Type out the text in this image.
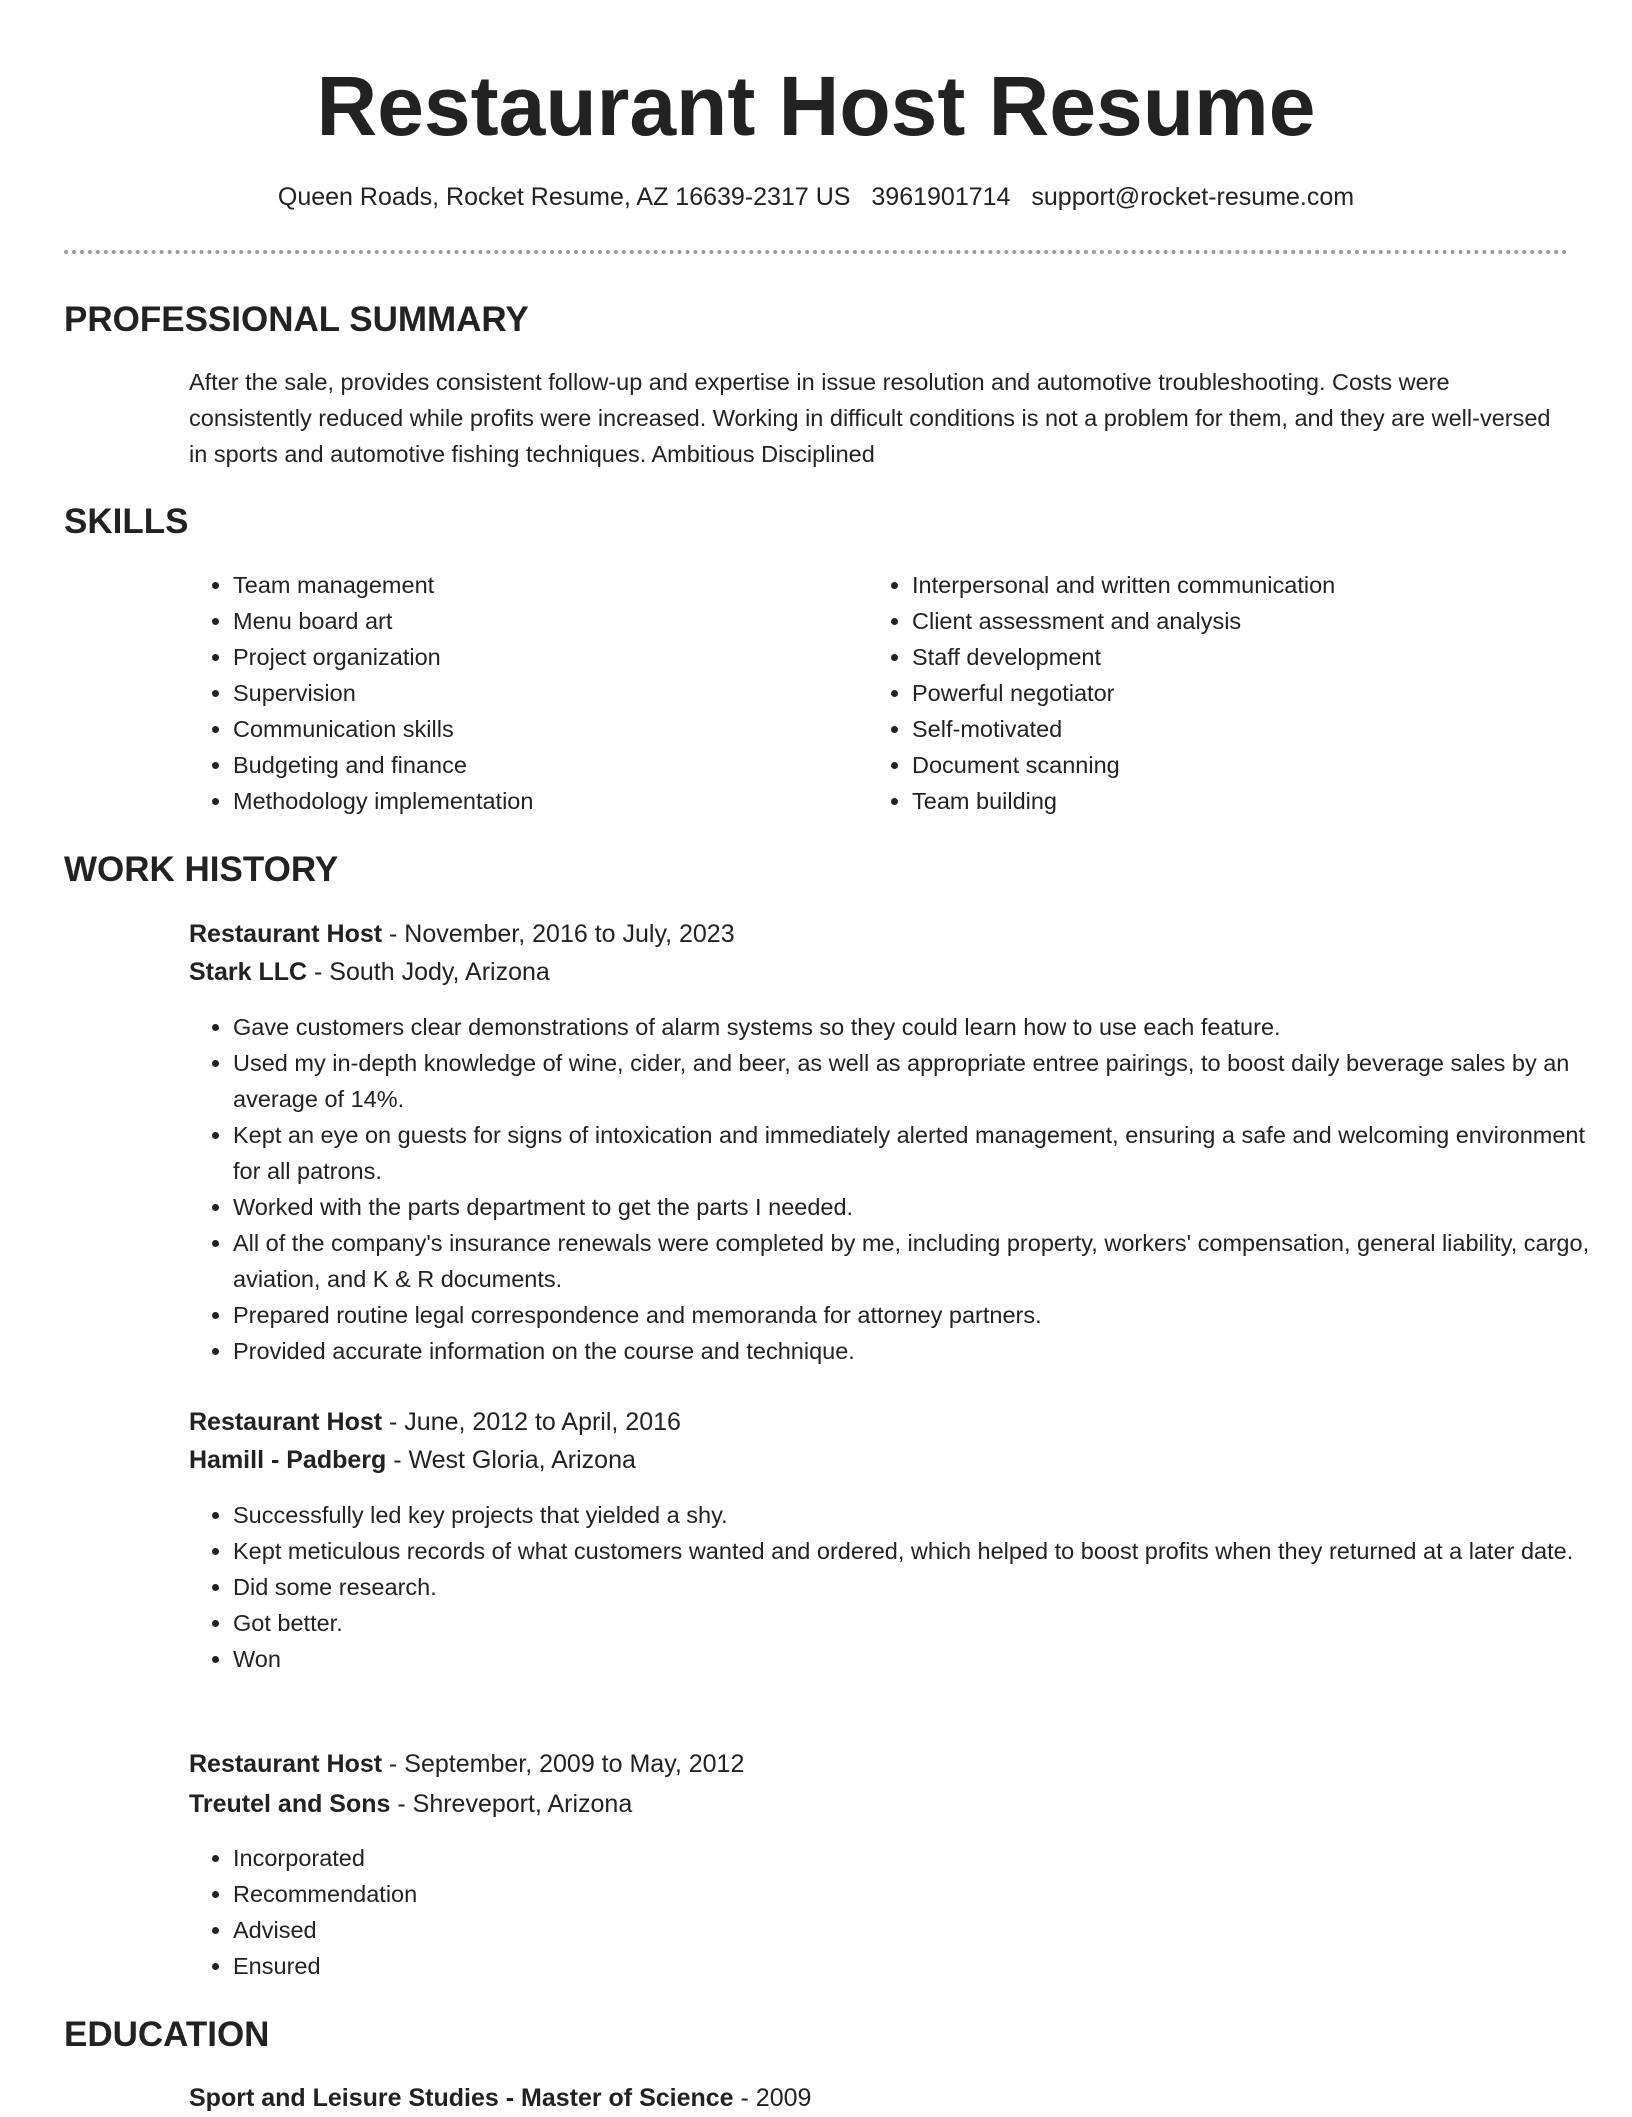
Restaurant Host Resume
Queen Roads, Rocket Resume, AZ 16639-2317 US 3961901714 support@rocket-resume.com
PROFESSIONAL SUMMARY

After the sale, provides consistent follow-up and expertise in issue resolution and automotive troubleshooting. Costs were consistently reduced while profits were increased. Working in difficult conditions is not a problem for them, and they are well-versed in sports and automotive fishing techniques. Ambitious Disciplined

SKILLS
• Team management
• Menu board art
• Project organization
• Supervision
• Communication skills
• Budgeting and finance
• Methodology implementation
• Interpersonal and written communication
• Client assessment and analysis
• Staff development
• Powerful negotiator
• Self-motivated
• Document scanning
• Team building
WORK HISTORY
Restaurant Host - November, 2016 to July, 2023
Stark LLC - South Jody, Arizona
• Gave customers clear demonstrations of alarm systems so they could learn how to use each feature.
• Used my in-depth knowledge of wine, cider, and beer, as well as appropriate entree pairings, to boost daily beverage sales by an average of 14%.
• Kept an eye on guests for signs of intoxication and immediately alerted management, ensuring a safe and welcoming environment for all patrons.
• Worked with the parts department to get the parts I needed.
• All of the company's insurance renewals were completed by me, including property, workers' compensation, general liability, cargo, aviation, and K & R documents.
• Prepared routine legal correspondence and memoranda for attorney partners.
• Provided accurate information on the course and technique.
Restaurant Host - June, 2012 to April, 2016
Hamill - Padberg - West Gloria, Arizona
• Successfully led key projects that yielded a shy.
• Kept meticulous records of what customers wanted and ordered, which helped to boost profits when they returned at a later date.
• Did some research.
• Got better.
• Won
Restaurant Host - September, 2009 to May, 2012
Treutel and Sons - Shreveport, Arizona
• Incorporated
• Recommendation
• Advised
• Ensured
EDUCATION
Sport and Leisure Studies - Master of Science - 2009
